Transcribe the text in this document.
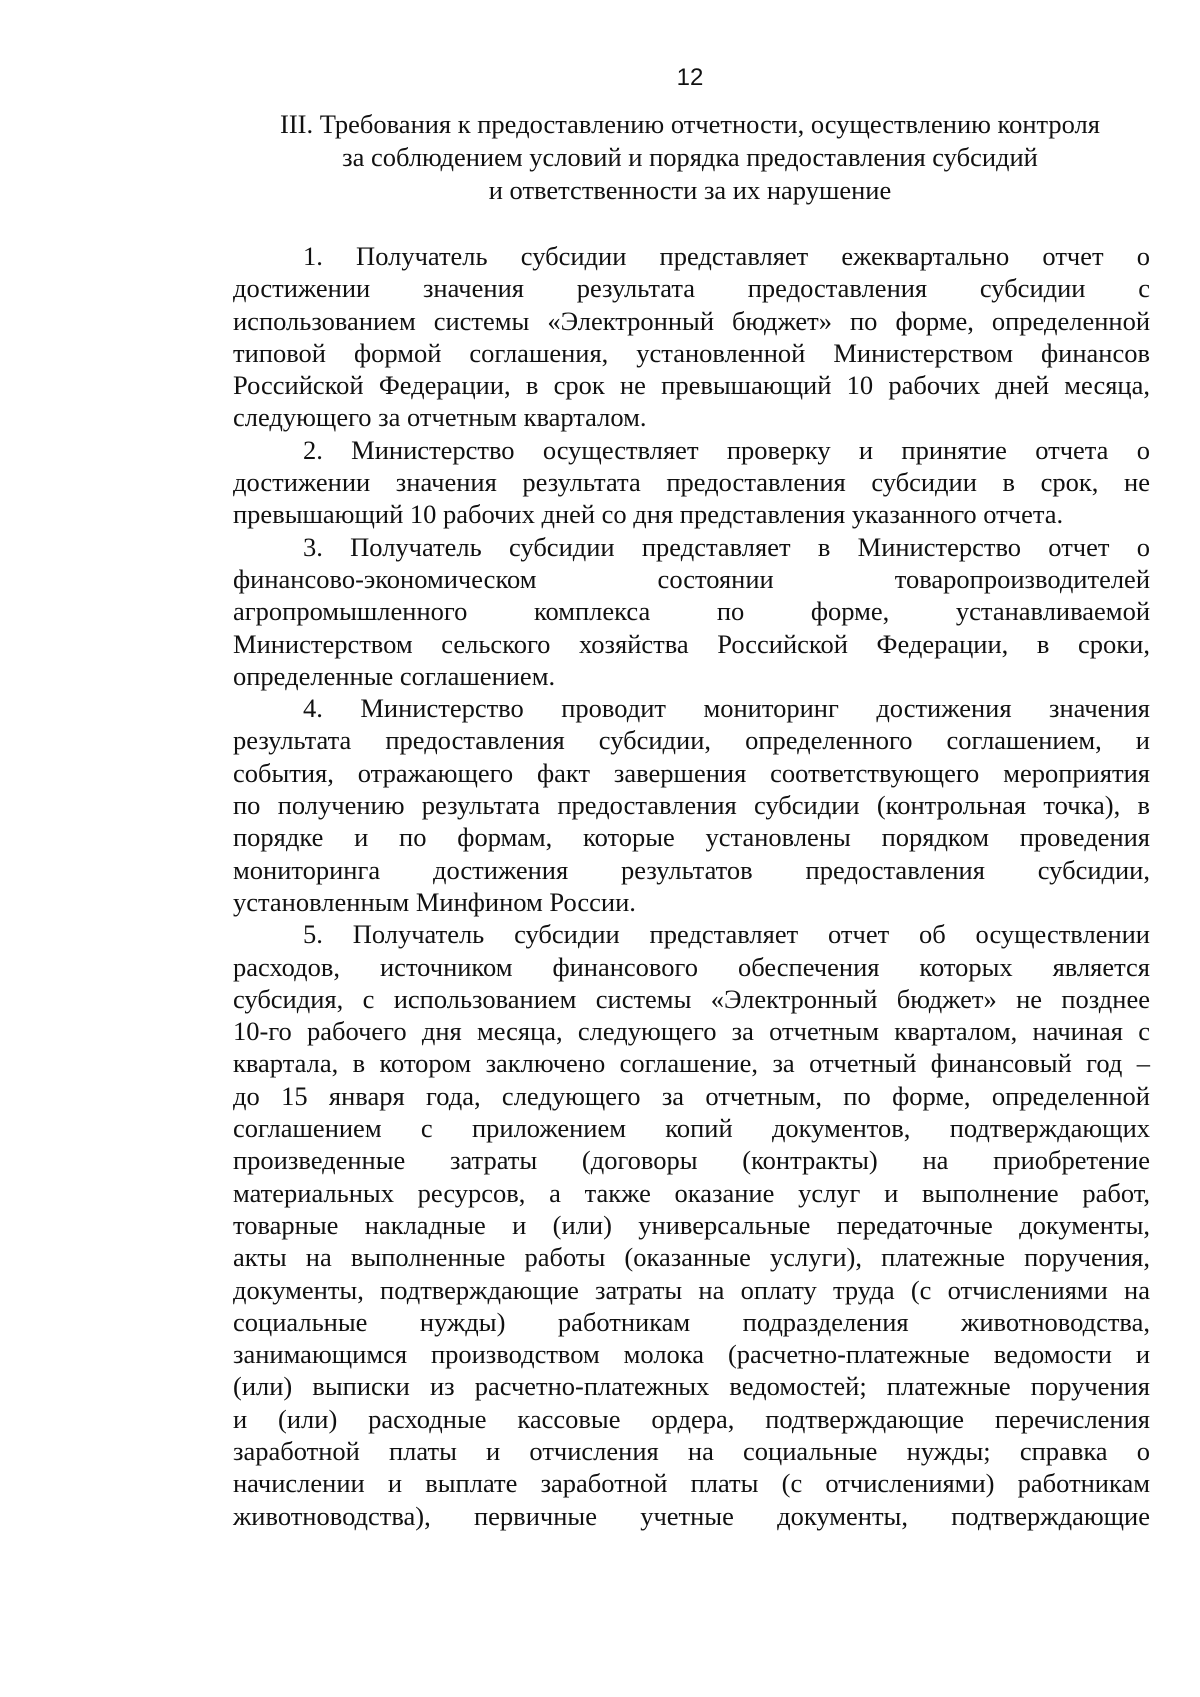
12
III. Требования к предоставлению отчетности, осуществлению контроля
за соблюдением условий и порядка предоставления субсидий
и ответственности за их нарушение
1. Получатель субсидии представляет ежеквартально отчет о
достижении значения результата предоставления субсидии с
использованием системы «Электронный бюджет» по форме, определенной
типовой формой соглашения, установленной Министерством финансов
Российской Федерации, в срок не превышающий 10 рабочих дней месяца,
следующего за отчетным кварталом.
2. Министерство осуществляет проверку и принятие отчета о
достижении значения результата предоставления субсидии в срок, не
превышающий 10 рабочих дней со дня представления указанного отчета.
3. Получатель субсидии представляет в Министерство отчет о
финансово-экономическом состоянии товаропроизводителей
агропромышленного комплекса по форме, устанавливаемой
Министерством сельского хозяйства Российской Федерации, в сроки,
определенные соглашением.
4. Министерство проводит мониторинг достижения значения
результата предоставления субсидии, определенного соглашением, и
события, отражающего факт завершения соответствующего мероприятия
по получению результата предоставления субсидии (контрольная точка), в
порядке и по формам, которые установлены порядком проведения
мониторинга достижения результатов предоставления субсидии,
установленным Минфином России.
5. Получатель субсидии представляет отчет об осуществлении
расходов, источником финансового обеспечения которых является
субсидия, с использованием системы «Электронный бюджет» не позднее
10-го рабочего дня месяца, следующего за отчетным кварталом, начиная с
квартала, в котором заключено соглашение, за отчетный финансовый год –
до 15 января года, следующего за отчетным, по форме, определенной
соглашением с приложением копий документов, подтверждающих
произведенные затраты (договоры (контракты) на приобретение
материальных ресурсов, а также оказание услуг и выполнение работ,
товарные накладные и (или) универсальные передаточные документы,
акты на выполненные работы (оказанные услуги), платежные поручения,
документы, подтверждающие затраты на оплату труда (с отчислениями на
социальные нужды) работникам подразделения животноводства,
занимающимся производством молока (расчетно-платежные ведомости и
(или) выписки из расчетно-платежных ведомостей; платежные поручения
и (или) расходные кассовые ордера, подтверждающие перечисления
заработной платы и отчисления на социальные нужды; справка о
начислении и выплате заработной платы (с отчислениями) работникам
животноводства), первичные учетные документы, подтверждающие
